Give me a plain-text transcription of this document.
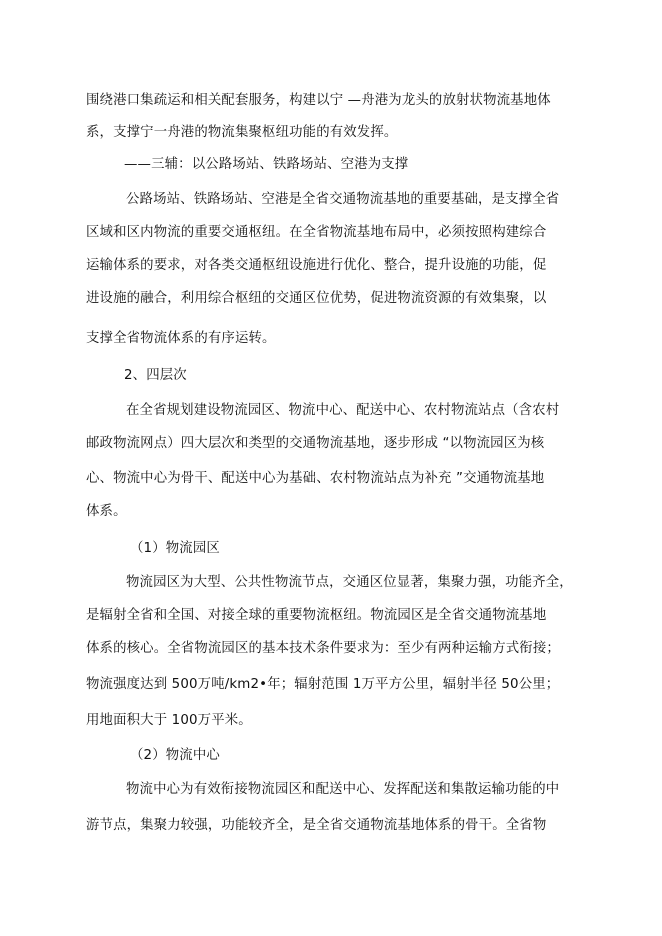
围绕港口集疏运和相关配套服务，构建以宁 —舟港为龙头的放射状物流基地体
系，支撑宁一舟港的物流集聚枢纽功能的有效发挥。
——三辅：以公路场站、铁路场站、空港为支撑
公路场站、铁路场站、空港是全省交通物流基地的重要基础，是支撑全省
区域和区内物流的重要交通枢纽。在全省物流基地布局中，必须按照构建综合
运输体系的要求，对各类交通枢纽设施进行优化、整合，提升设施的功能，促
进设施的融合，利用综合枢纽的交通区位优势，促进物流资源的有效集聚，以
支撑全省物流体系的有序运转。
2、四层次
在全省规划建设物流园区、物流中心、配送中心、农村物流站点（含农村
邮政物流网点）四大层次和类型的交通物流基地，逐步形成 “以物流园区为核
心、物流中心为骨干、配送中心为基础、农村物流站点为补充 ”交通物流基地
体系。
（1）物流园区
物流园区为大型、公共性物流节点，交通区位显著，集聚力强，功能齐全，
是辐射全省和全国、对接全球的重要物流枢纽。物流园区是全省交通物流基地
体系的核心。全省物流园区的基本技术条件要求为：至少有两种运输方式衔接；
物流强度达到 500万吨/km2•年；辐射范围 1万平方公里，辐射半径 50公里；
用地面积大于 100万平米。
（2）物流中心
物流中心为有效衔接物流园区和配送中心、发挥配送和集散运输功能的中
游节点，集聚力较强，功能较齐全，是全省交通物流基地体系的骨干。全省物
